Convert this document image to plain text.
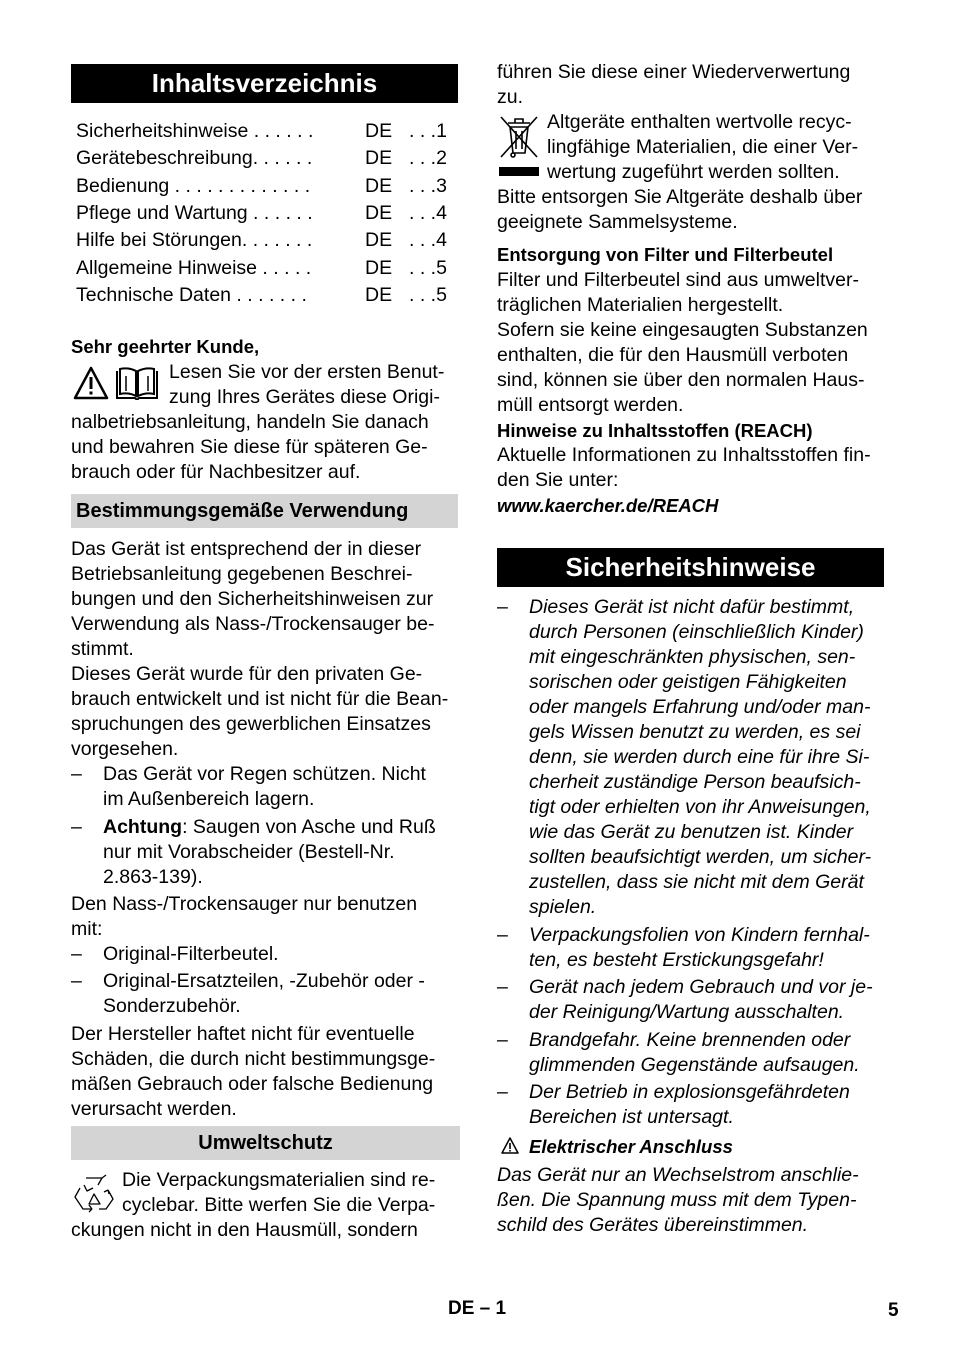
Inhaltsverzeichnis
Sicherheitshinweise . . . . . .	DE . . .1
Gerätebeschreibung. . . . . .	DE . . .2
Bedienung . . . . . . . . . . . . .	DE . . .3
Pflege und Wartung . . . . . .	DE . . .4
Hilfe bei Störungen. . . . . . .	DE . . .4
Allgemeine Hinweise . . . . .	DE . . .5
Technische Daten . . . . . . .	DE . . .5
Sehr geehrter Kunde,
Lesen Sie vor der ersten Benut-
zung Ihres Gerätes diese Origi-
nalbetriebsanleitung, handeln Sie danach
und bewahren Sie diese für späteren Ge-
brauch oder für Nachbesitzer auf.
Bestimmungsgemäße Verwendung
Das Gerät ist entsprechend der in dieser
Betriebsanleitung gegebenen Beschrei-
bungen und den Sicherheitshinweisen zur
Verwendung als Nass-/Trockensauger be-
stimmt.
Dieses Gerät wurde für den privaten Ge-
brauch entwickelt und ist nicht für die Bean-
spruchungen des gewerblichen Einsatzes
vorgesehen.
– Das Gerät vor Regen schützen. Nicht
im Außenbereich lagern.
– Achtung: Saugen von Asche und Ruß
nur mit Vorabscheider (Bestell-Nr.
2.863-139).
Den Nass-/Trockensauger nur benutzen
mit:
– Original-Filterbeutel.
– Original-Ersatzteilen, -Zubehör oder -
Sonderzubehör.
Der Hersteller haftet nicht für eventuelle
Schäden, die durch nicht bestimmungsge-
mäßen Gebrauch oder falsche Bedienung
verursacht werden.
Umweltschutz
Die Verpackungsmaterialien sind re-
cyclebar. Bitte werfen Sie die Verpa-
ckungen nicht in den Hausmüll, sondern
führen Sie diese einer Wiederverwertung
zu.
Altgeräte enthalten wertvolle recyc-
lingfähige Materialien, die einer Ver-
wertung zugeführt werden sollten.
Bitte entsorgen Sie Altgeräte deshalb über
geeignete Sammelsysteme.
Entsorgung von Filter und Filterbeutel
Filter und Filterbeutel sind aus umweltver-
träglichen Materialien hergestellt.
Sofern sie keine eingesaugten Substanzen
enthalten, die für den Hausmüll verboten
sind, können sie über den normalen Haus-
müll entsorgt werden.
Hinweise zu Inhaltsstoffen (REACH)
Aktuelle Informationen zu Inhaltsstoffen fin-
den Sie unter:
www.kaercher.de/REACH
Sicherheitshinweise
– Dieses Gerät ist nicht dafür bestimmt,
durch Personen (einschließlich Kinder)
mit eingeschränkten physischen, sen-
sorischen oder geistigen Fähigkeiten
oder mangels Erfahrung und/oder man-
gels Wissen benutzt zu werden, es sei
denn, sie werden durch eine für ihre Si-
cherheit zuständige Person beaufsich-
tigt oder erhielten von ihr Anweisungen,
wie das Gerät zu benutzen ist. Kinder
sollten beaufsichtigt werden, um sicher-
zustellen, dass sie nicht mit dem Gerät
spielen.
– Verpackungsfolien von Kindern fernhal-
ten, es besteht Erstickungsgefahr!
– Gerät nach jedem Gebrauch und vor je-
der Reinigung/Wartung ausschalten.
– Brandgefahr. Keine brennenden oder
glimmenden Gegenstände aufsaugen.
– Der Betrieb in explosionsgefährdeten
Bereichen ist untersagt.
Elektrischer Anschluss
Das Gerät nur an Wechselstrom anschlie-
ßen. Die Spannung muss mit dem Typen-
schild des Gerätes übereinstimmen.
DE – 1	5
